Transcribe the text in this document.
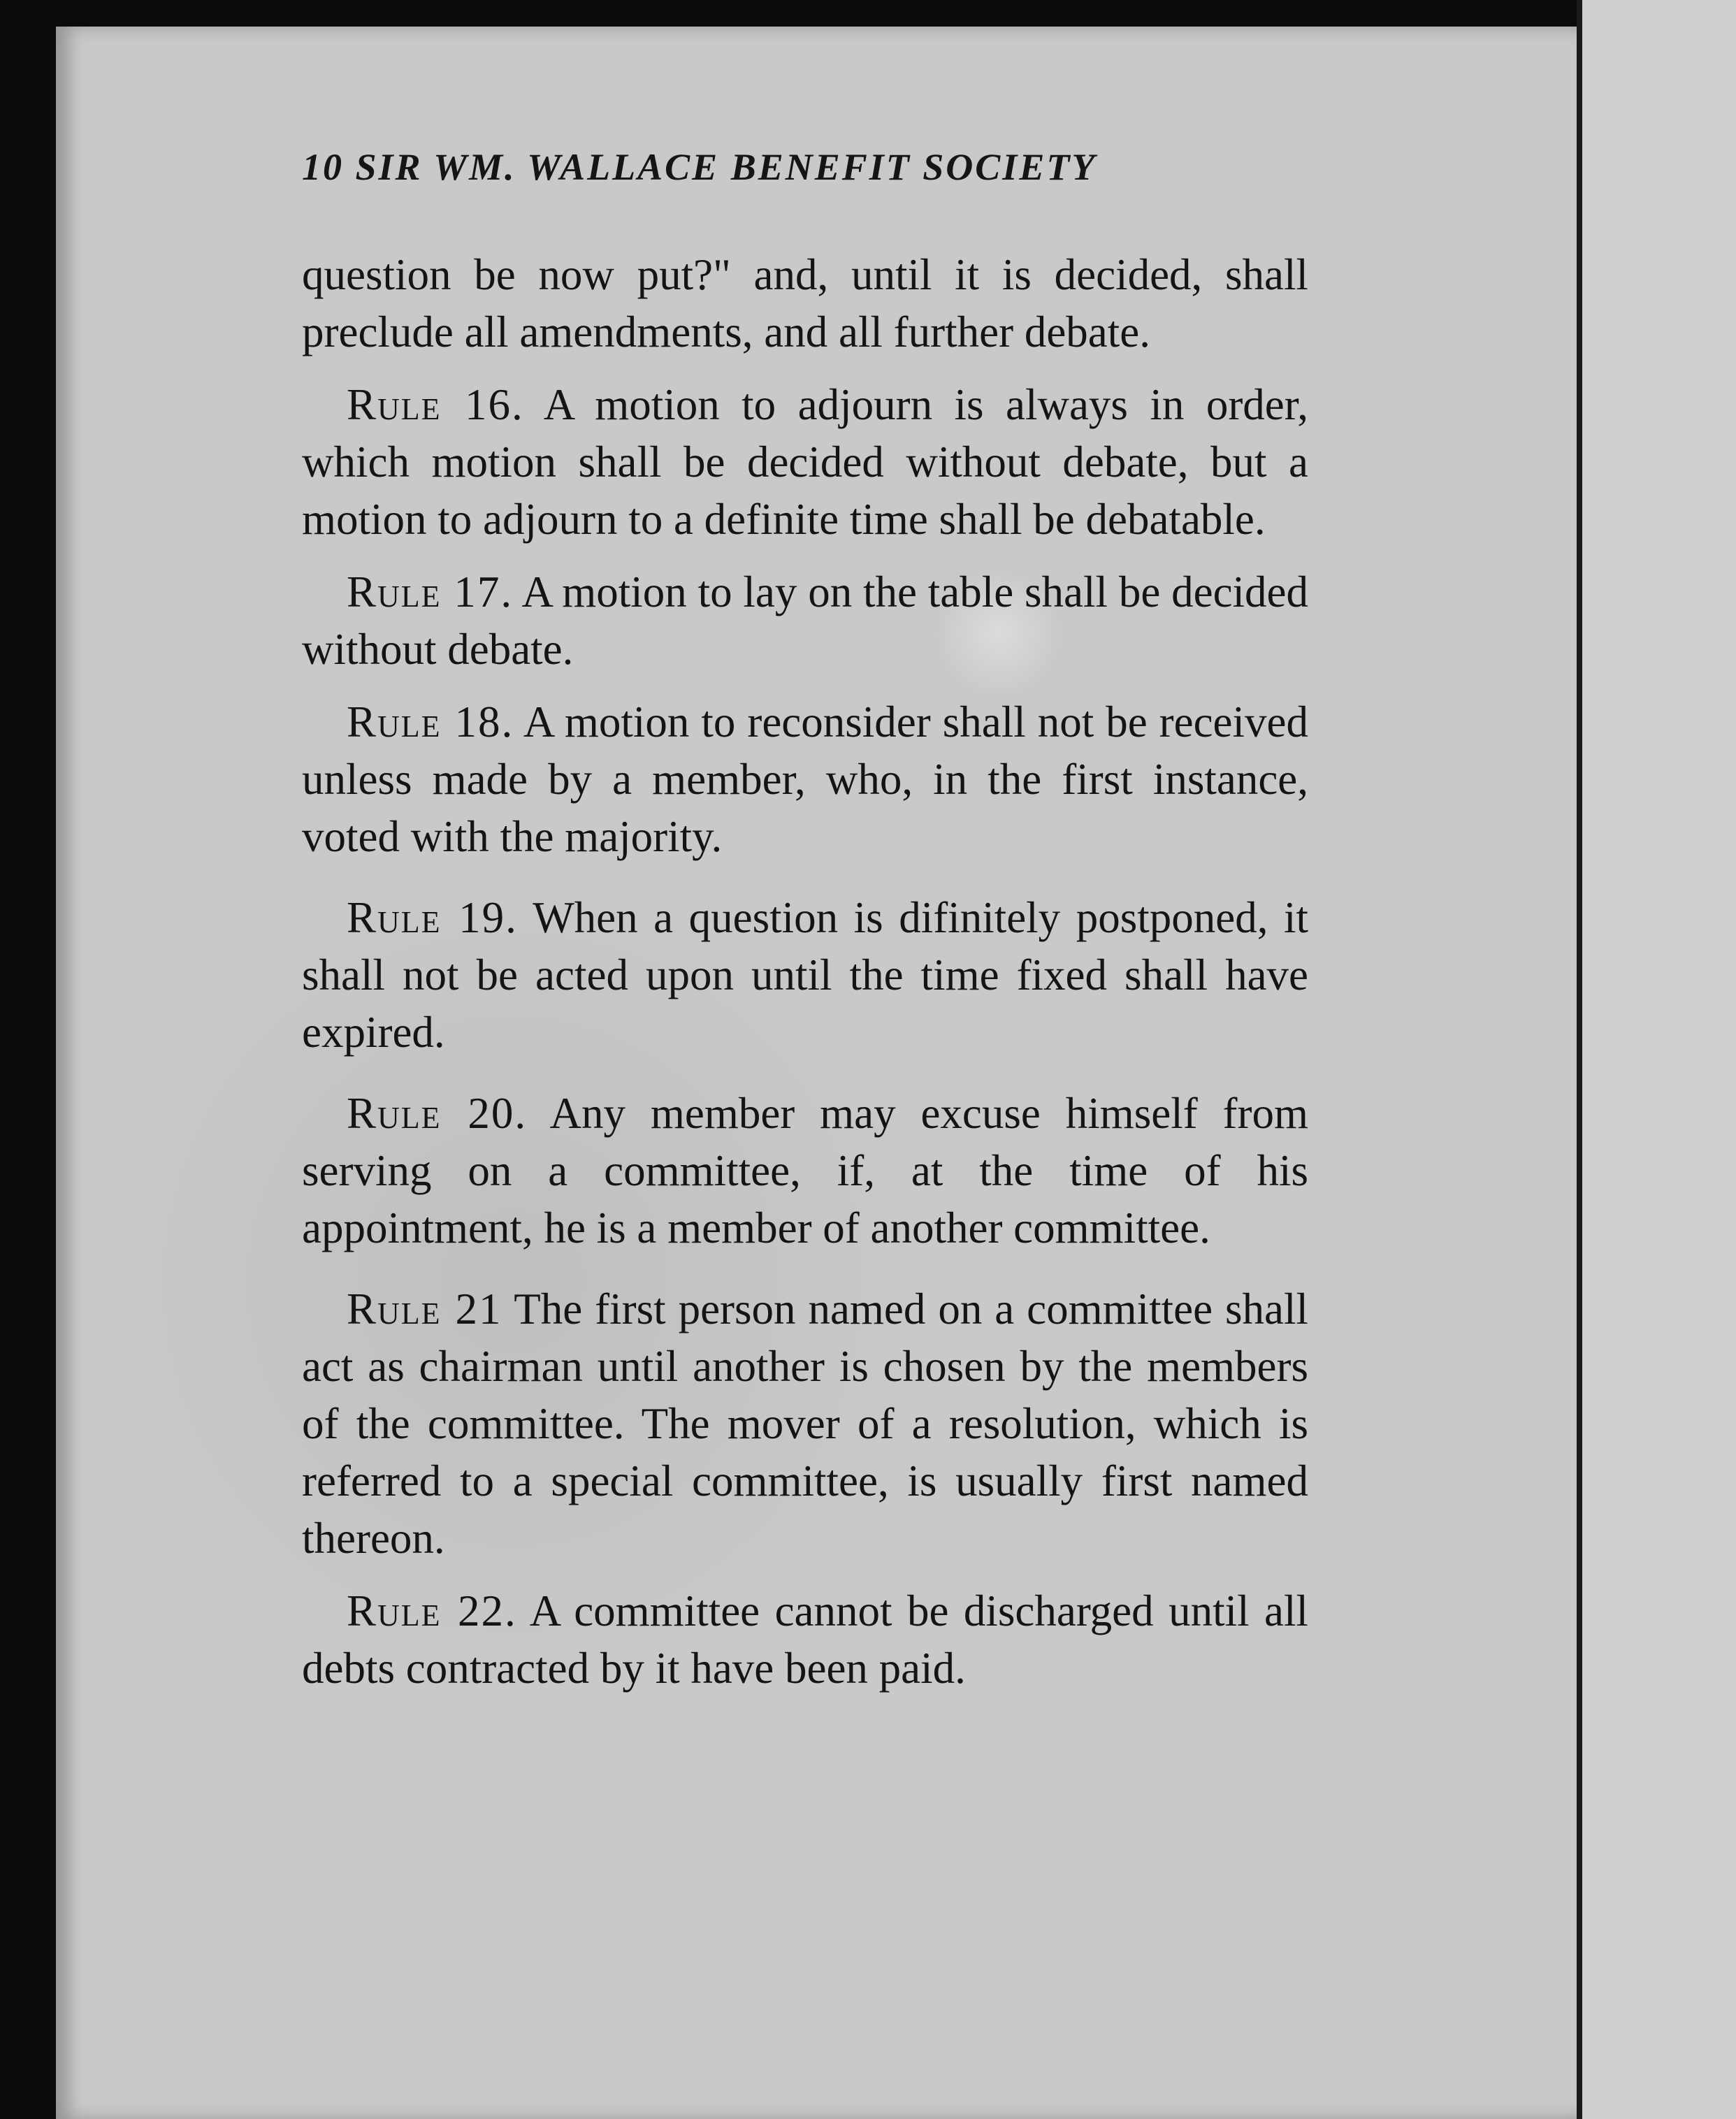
10 SIR WM. WALLACE BENEFIT SOCIETY

question be now put?" and, until it is decided, shall preclude all amendments, and all further debate.

Rule 16. A motion to adjourn is always in order, which motion shall be decided without debate, but a motion to adjourn to a definite time shall be debatable.

Rule 17. A motion to lay on the table shall be decided without debate.

Rule 18. A motion to reconsider shall not be received unless made by a member, who, in the first instance, voted with the majority.

Rule 19. When a question is difinitely postponed, it shall not be acted upon until the time fixed shall have expired.

Rule 20. Any member may excuse himself from serving on a committee, if, at the time of his appointment, he is a member of another committee.

Rule 21 The first person named on a committee shall act as chairman until another is chosen by the members of the committee. The mover of a resolution, which is referred to a special committee, is usually first named thereon.

Rule 22. A committee cannot be discharged until all debts contracted by it have been paid.
